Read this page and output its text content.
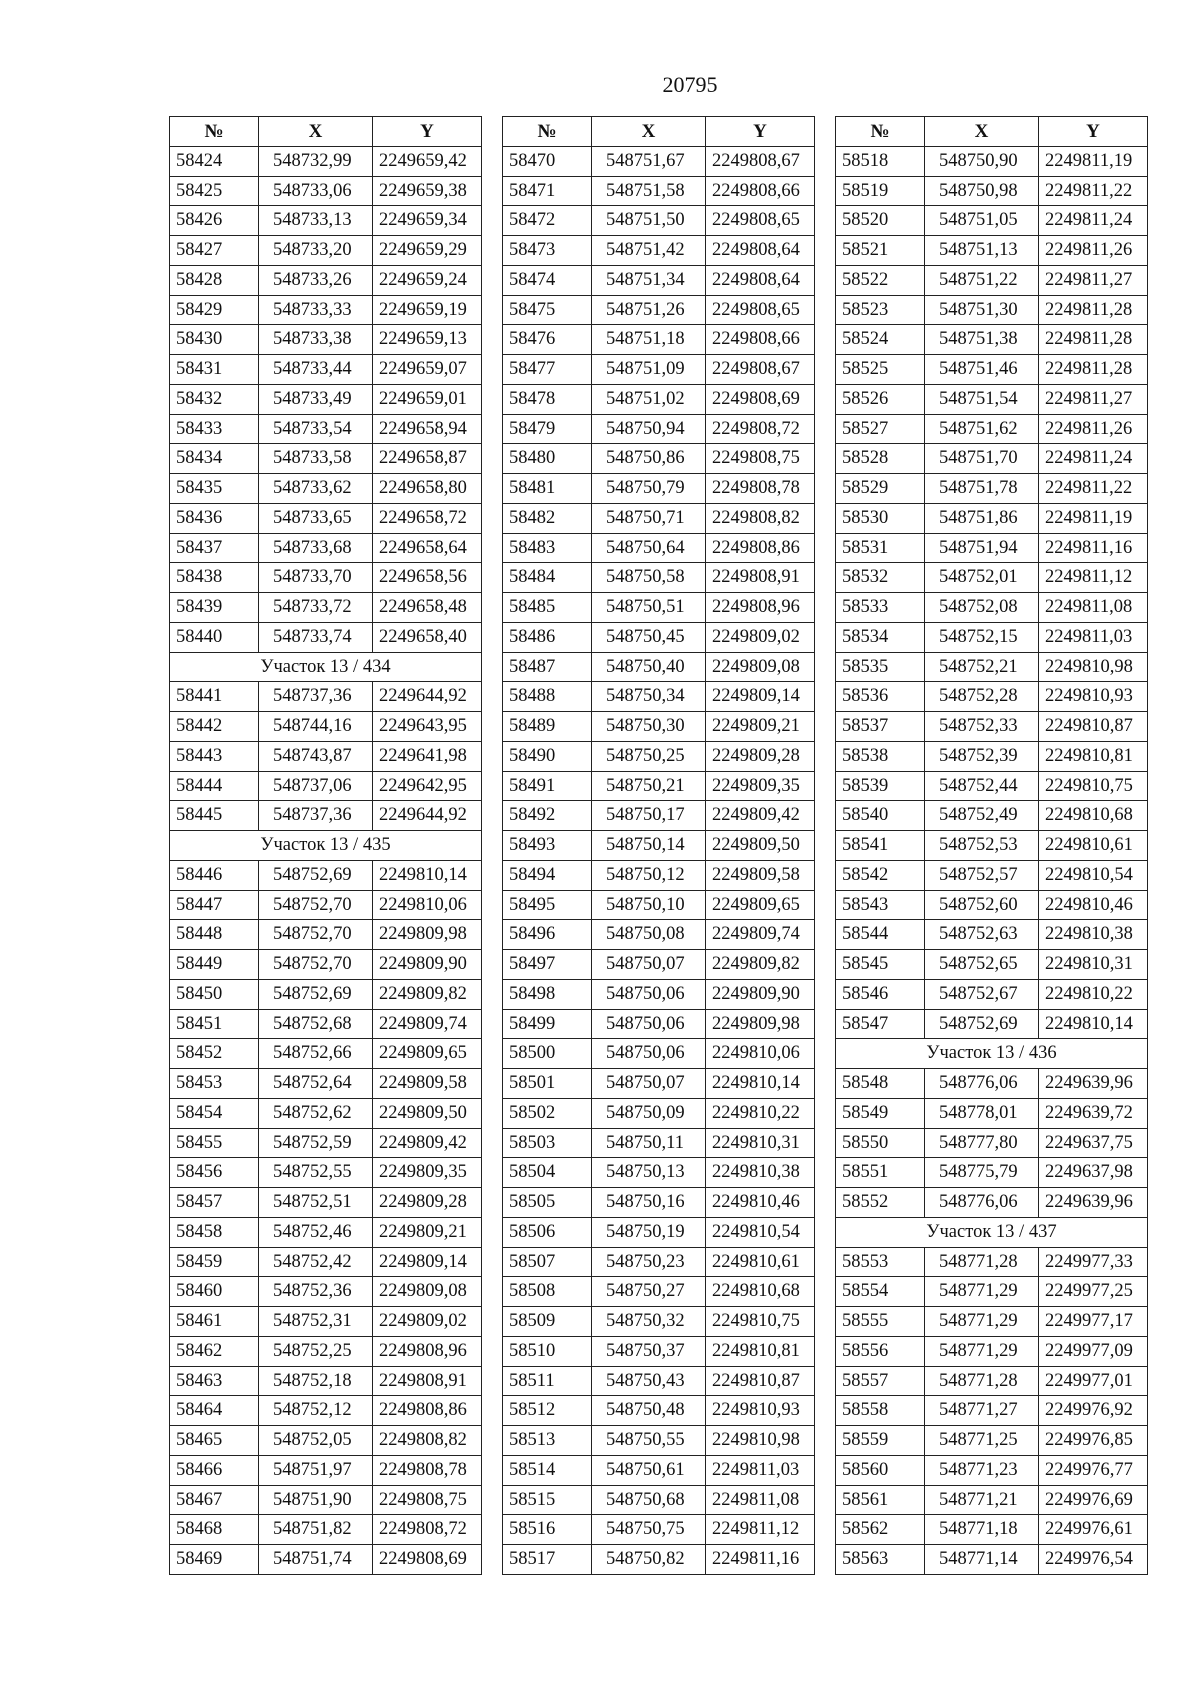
20795
№	X	Y
58424	548732,99	2249659,42
58425	548733,06	2249659,38
58426	548733,13	2249659,34
58427	548733,20	2249659,29
58428	548733,26	2249659,24
58429	548733,33	2249659,19
58430	548733,38	2249659,13
58431	548733,44	2249659,07
58432	548733,49	2249659,01
58433	548733,54	2249658,94
58434	548733,58	2249658,87
58435	548733,62	2249658,80
58436	548733,65	2249658,72
58437	548733,68	2249658,64
58438	548733,70	2249658,56
58439	548733,72	2249658,48
58440	548733,74	2249658,40
Участок 13 / 434		
58441	548737,36	2249644,92
58442	548744,16	2249643,95
58443	548743,87	2249641,98
58444	548737,06	2249642,95
58445	548737,36	2249644,92
Участок 13 / 435		
58446	548752,69	2249810,14
58447	548752,70	2249810,06
58448	548752,70	2249809,98
58449	548752,70	2249809,90
58450	548752,69	2249809,82
58451	548752,68	2249809,74
58452	548752,66	2249809,65
58453	548752,64	2249809,58
58454	548752,62	2249809,50
58455	548752,59	2249809,42
58456	548752,55	2249809,35
58457	548752,51	2249809,28
58458	548752,46	2249809,21
58459	548752,42	2249809,14
58460	548752,36	2249809,08
58461	548752,31	2249809,02
58462	548752,25	2249808,96
58463	548752,18	2249808,91
58464	548752,12	2249808,86
58465	548752,05	2249808,82
58466	548751,97	2249808,78
58467	548751,90	2249808,75
58468	548751,82	2249808,72
58469	548751,74	2249808,69
№	X	Y
58470	548751,67	2249808,67
58471	548751,58	2249808,66
58472	548751,50	2249808,65
58473	548751,42	2249808,64
58474	548751,34	2249808,64
58475	548751,26	2249808,65
58476	548751,18	2249808,66
58477	548751,09	2249808,67
58478	548751,02	2249808,69
58479	548750,94	2249808,72
58480	548750,86	2249808,75
58481	548750,79	2249808,78
58482	548750,71	2249808,82
58483	548750,64	2249808,86
58484	548750,58	2249808,91
58485	548750,51	2249808,96
58486	548750,45	2249809,02
58487	548750,40	2249809,08
58488	548750,34	2249809,14
58489	548750,30	2249809,21
58490	548750,25	2249809,28
58491	548750,21	2249809,35
58492	548750,17	2249809,42
58493	548750,14	2249809,50
58494	548750,12	2249809,58
58495	548750,10	2249809,65
58496	548750,08	2249809,74
58497	548750,07	2249809,82
58498	548750,06	2249809,90
58499	548750,06	2249809,98
58500	548750,06	2249810,06
58501	548750,07	2249810,14
58502	548750,09	2249810,22
58503	548750,11	2249810,31
58504	548750,13	2249810,38
58505	548750,16	2249810,46
58506	548750,19	2249810,54
58507	548750,23	2249810,61
58508	548750,27	2249810,68
58509	548750,32	2249810,75
58510	548750,37	2249810,81
58511	548750,43	2249810,87
58512	548750,48	2249810,93
58513	548750,55	2249810,98
58514	548750,61	2249811,03
58515	548750,68	2249811,08
58516	548750,75	2249811,12
58517	548750,82	2249811,16
№	X	Y
58518	548750,90	2249811,19
58519	548750,98	2249811,22
58520	548751,05	2249811,24
58521	548751,13	2249811,26
58522	548751,22	2249811,27
58523	548751,30	2249811,28
58524	548751,38	2249811,28
58525	548751,46	2249811,28
58526	548751,54	2249811,27
58527	548751,62	2249811,26
58528	548751,70	2249811,24
58529	548751,78	2249811,22
58530	548751,86	2249811,19
58531	548751,94	2249811,16
58532	548752,01	2249811,12
58533	548752,08	2249811,08
58534	548752,15	2249811,03
58535	548752,21	2249810,98
58536	548752,28	2249810,93
58537	548752,33	2249810,87
58538	548752,39	2249810,81
58539	548752,44	2249810,75
58540	548752,49	2249810,68
58541	548752,53	2249810,61
58542	548752,57	2249810,54
58543	548752,60	2249810,46
58544	548752,63	2249810,38
58545	548752,65	2249810,31
58546	548752,67	2249810,22
58547	548752,69	2249810,14
Участок 13 / 436		
58548	548776,06	2249639,96
58549	548778,01	2249639,72
58550	548777,80	2249637,75
58551	548775,79	2249637,98
58552	548776,06	2249639,96
Участок 13 / 437		
58553	548771,28	2249977,33
58554	548771,29	2249977,25
58555	548771,29	2249977,17
58556	548771,29	2249977,09
58557	548771,28	2249977,01
58558	548771,27	2249976,92
58559	548771,25	2249976,85
58560	548771,23	2249976,77
58561	548771,21	2249976,69
58562	548771,18	2249976,61
58563	548771,14	2249976,54
